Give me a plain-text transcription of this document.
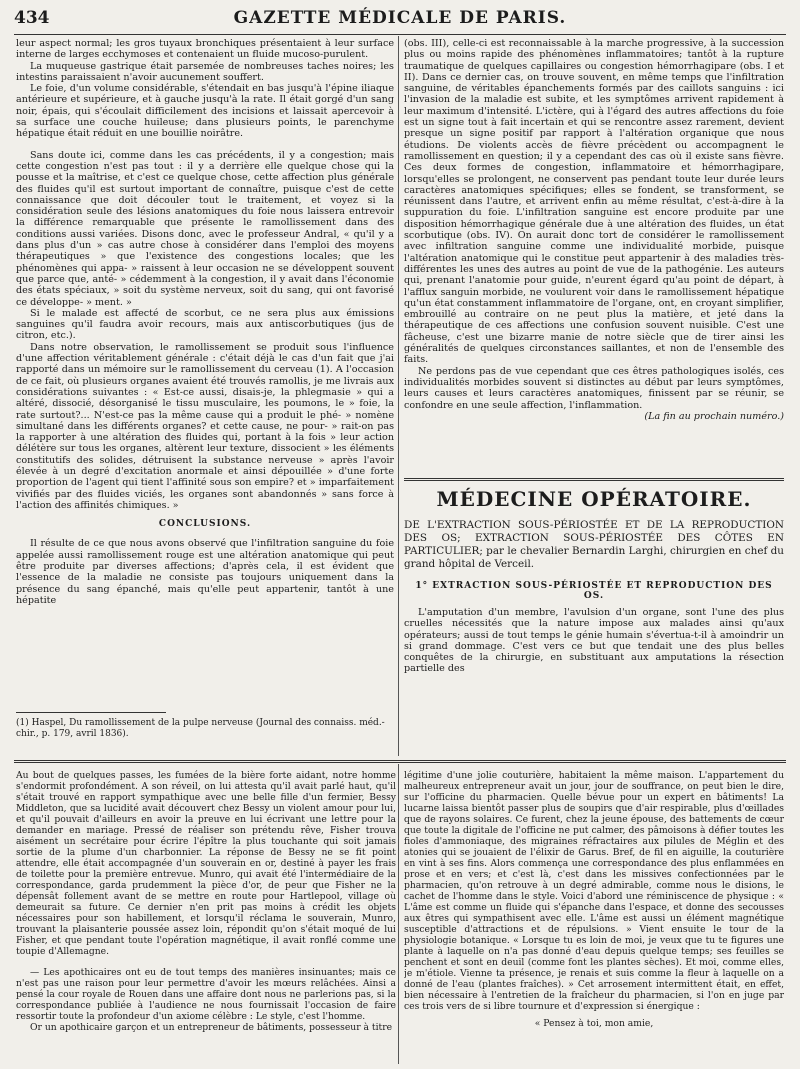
434	GAZETTE MÉDICALE DE PARIS.

leur aspect normal; les gros tuyaux bronchiques présentaient à leur surface interne de larges ecchymoses et contenaient un fluide mucoso-purulent.

La muqueuse gastrique était parsemée de nombreuses taches noires; les intestins paraissaient n'avoir aucunement souffert.

Le foie, d'un volume considérable, s'étendait en bas jusqu'à l'épine iliaque antérieure et supérieure, et à gauche jusqu'à la rate. Il était gorgé d'un sang noir, épais, qui s'écoulait difficilement des incisions et laissait apercevoir à sa surface une couche huileuse; dans plusieurs points, le parenchyme hépatique était réduit en une bouillie noirâtre.

Sans doute ici, comme dans les cas précédents, il y a congestion; mais cette congestion n'est pas tout : il y a derrière elle quelque chose qui la pousse et la maîtrise, et c'est ce quelque chose, cette affection plus générale des fluides qu'il est surtout important de connaître, puisque c'est de cette connaissance que doit découler tout le traitement, et voyez si la considération seule des lésions anatomiques du foie nous laissera entrevoir la différence remarquable que présente le ramollissement dans des conditions aussi variées. Disons donc, avec le professeur Andral, « qu'il y a dans plus d'un » cas autre chose à considérer dans l'emploi des moyens thérapeutiques » que l'existence des congestions locales; que les phénomènes qui appa- » raissent à leur occasion ne se développent souvent que parce que, anté- » cédemment à la congestion, il y avait dans l'économie des états spéciaux, » soit du système nerveux, soit du sang, qui ont favorisé ce développe- » ment. »

Si le malade est affecté de scorbut, ce ne sera plus aux émissions sanguines qu'il faudra avoir recours, mais aux antiscorbutiques (jus de citron, etc.).

Dans notre observation, le ramollissement se produit sous l'influence d'une affection véritablement générale : c'était déjà le cas d'un fait que j'ai rapporté dans un mémoire sur le ramollissement du cerveau (1). A l'occasion de ce fait, où plusieurs organes avaient été trouvés ramollis, je me livrais aux considérations suivantes : « Est-ce aussi, disais-je, la phlegmasie » qui a altéré, dissocié, désorganisé le tissu musculaire, les poumons, le » foie, la rate surtout?... N'est-ce pas la même cause qui a produit le phé- » nomène simultané dans les différents organes? et cette cause, ne pour- » rait-on pas la rapporter à une altération des fluides qui, portant à la fois » leur action délétère sur tous les organes, altèrent leur texture, dissocient » les éléments constitutifs des solides, détruisent la substance nerveuse » après l'avoir élevée à un degré d'excitation anormale et ainsi dépouillée » d'une forte proportion de l'agent qui tient l'affinité sous son empire? et » imparfaitement vivifiés par des fluides viciés, les organes sont abandonnés » sans force à l'action des affinités chimiques. »

CONCLUSIONS.

Il résulte de ce que nous avons observé que l'infiltration sanguine du foie appelée aussi ramollissement rouge est une altération anatomique qui peut être produite par diverses affections; d'après cela, il est évident que l'essence de la maladie ne consiste pas toujours uniquement dans la présence du sang épanché, mais qu'elle peut appartenir, tantôt à une hépatite

(1) Haspel, Du ramollissement de la pulpe nerveuse (Journal des connaiss. méd.-chir., p. 179, avril 1836).

(obs. III), celle-ci est reconnaissable à la marche progressive, à la succession plus ou moins rapide des phénomènes inflammatoires; tantôt à la rupture traumatique de quelques capillaires ou congestion hémorrhagipare (obs. I et II). Dans ce dernier cas, on trouve souvent, en même temps que l'infiltration sanguine, de véritables épanchements formés par des caillots sanguins : ici l'invasion de la maladie est subite, et les symptômes arrivent rapidement à leur maximum d'intensité. L'ictère, qui à l'égard des autres affections du foie est un signe tout à fait incertain et qui se rencontre assez rarement, devient presque un signe positif par rapport à l'altération organique que nous étudions. De violents accès de fièvre précèdent ou accompagnent le ramollissement en question; il y a cependant des cas où il existe sans fièvre. Ces deux formes de congestion, inflammatoire et hémorrhagipare, lorsqu'elles se prolongent, ne conservent pas pendant toute leur durée leurs caractères anatomiques spécifiques; elles se fondent, se transforment, se réunissent dans l'autre, et arrivent enfin au même résultat, c'est-à-dire à la suppuration du foie. L'infiltration sanguine est encore produite par une disposition hémorrhagique générale due à une altération des fluides, un état scorbutique (obs. IV). On aurait donc tort de considérer le ramollissement avec infiltration sanguine comme une individualité morbide, puisque l'altération anatomique qui le constitue peut appartenir à des maladies très-différentes les unes des autres au point de vue de la pathogénie. Les auteurs qui, prenant l'anatomie pour guide, n'eurent égard qu'au point de départ, à l'afflux sanguin morbide, ne voulurent voir dans le ramollissement hépatique qu'un état constamment inflammatoire de l'organe, ont, en croyant simplifier, embrouillé au contraire on ne peut plus la matière, et jeté dans la thérapeutique de ces affections une confusion souvent nuisible. C'est une fâcheuse, c'est une bizarre manie de notre siècle que de tirer ainsi les généralités de quelques circonstances saillantes, et non de l'ensemble des faits.

Ne perdons pas de vue cependant que ces êtres pathologiques isolés, ces individualités morbides souvent si distinctes au début par leurs symptômes, leurs causes et leurs caractères anatomiques, finissent par se réunir, se confondre en une seule affection, l'inflammation.

(La fin au prochain numéro.)

MÉDECINE OPÉRATOIRE.
DE L'EXTRACTION SOUS-PÉRIOSTÉE ET DE LA REPRODUCTION DES OS; EXTRACTION SOUS-PÉRIOSTÉE DES CÔTES EN PARTICULIER; par le chevalier Bernardin Larghi, chirurgien en chef du grand hôpital de Verceil.
1° EXTRACTION SOUS-PÉRIOSTÉE ET REPRODUCTION DES OS.
L'amputation d'un membre, l'avulsion d'un organe, sont l'une des plus cruelles nécessités que la nature impose aux malades ainsi qu'aux opérateurs; aussi de tout temps le génie humain s'évertua-t-il à amoindrir un si grand dommage. C'est vers ce but que tendait une des plus belles conquêtes de la chirurgie, en substituant aux amputations la résection partielle des

Au bout de quelques passes, les fumées de la bière forte aidant, notre homme s'endormit profondément. A son réveil, on lui attesta qu'il avait parlé haut, qu'il s'était trouvé en rapport sympathique avec une belle fille d'un fermier, Bessy Middleton, que sa lucidité avait découvert chez Bessy un violent amour pour lui, et qu'il pouvait d'ailleurs en avoir la preuve en lui écrivant une lettre pour la demander en mariage. Pressé de réaliser son prétendu rêve, Fisher trouva aisément un secrétaire pour écrire l'épître la plus touchante qui soit jamais sortie de la plume d'un charbonnier. La réponse de Bessy ne se fit point attendre, elle était accompagnée d'un souverain en or, destiné à payer les frais de toilette pour la première entrevue. Munro, qui avait été l'intermédiaire de la correspondance, garda prudemment la pièce d'or, de peur que Fisher ne la dépensât follement avant de se mettre en route pour Hartlepool, village où demeurait sa future. Ce dernier n'en prit pas moins à crédit les objets nécessaires pour son habillement, et lorsqu'il réclama le souverain, Munro, trouvant la plaisanterie poussée assez loin, répondit qu'on s'était moqué de lui Fisher, et que pendant toute l'opération magnétique, il avait ronflé comme une toupie d'Allemagne.

— Les apothicaires ont eu de tout temps des manières insinuantes; mais ce n'est pas une raison pour leur permettre d'avoir les mœurs relâchées. Ainsi a pensé la cour royale de Rouen dans une affaire dont nous ne parlerions pas, si la correspondance publiée à l'audience ne nous fournissait l'occasion de faire ressortir toute la profondeur d'un axiome célèbre : Le style, c'est l'homme.

Or un apothicaire garçon et un entrepreneur de bâtiments, possesseur à titre

légitime d'une jolie couturière, habitaient la même maison. L'appartement du malheureux entrepreneur avait un jour, jour de souffrance, on peut bien le dire, sur l'officine du pharmacien. Quelle bévue pour un expert en bâtiments! La lucarne laissa bientôt passer plus de soupirs que d'air respirable, plus d'œillades que de rayons solaires. Ce furent, chez la jeune épouse, des battements de cœur que toute la digitale de l'officine ne put calmer, des pâmoisons à défier toutes les fioles d'ammoniaque, des migraines réfractaires aux pilules de Méglin et des atonies qui se jouaient de l'élixir de Garus. Bref, de fil en aiguille, la couturière en vint à ses fins. Alors commença une correspondance des plus enflammées en prose et en vers; et c'est là, c'est dans les missives confectionnées par le pharmacien, qu'on retrouve à un degré admirable, comme nous le disions, le cachet de l'homme dans le style. Voici d'abord une réminiscence de physique : « L'âme est comme un fluide qui s'épanche dans l'espace, et donne des secousses aux êtres qui sympathisent avec elle. L'âme est aussi un élément magnétique susceptible d'attractions et de répulsions. » Vient ensuite le tour de la physiologie botanique. « Lorsque tu es loin de moi, je veux que tu te figures une plante à laquelle on n'a pas donné d'eau depuis quelque temps; ses feuilles se penchent et sont en deuil (comme font les plantes sèches). Et moi, comme elles, je m'étiole. Vienne ta présence, je renais et suis comme la fleur à laquelle on a donné de l'eau (plantes fraîches). » Cet arrosement intermittent était, en effet, bien nécessaire à l'entretien de la fraîcheur du pharmacien, si l'on en juge par ces trois vers de si libre tournure et d'expression si énergique :

« Pensez à toi, mon amie,
